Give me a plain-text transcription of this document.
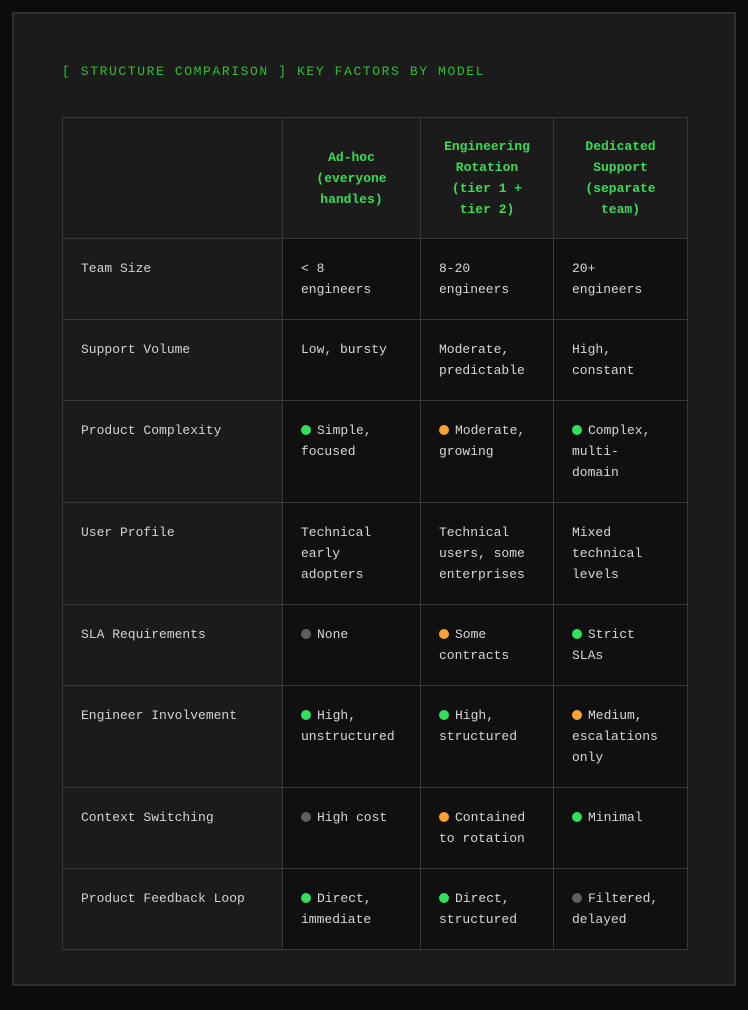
[ STRUCTURE COMPARISON ] KEY FACTORS BY MODEL
	Ad-hoc (everyone handles)	Engineering Rotation (tier 1 + tier 2)	Dedicated Support (separate team)
Team Size	< 8 engineers	8-20 engineers	20+ engineers
Support Volume	Low, bursty	Moderate, predictable	High, constant
Product Complexity	Simple, focused	Moderate, growing	Complex, multi-domain
User Profile	Technical early adopters	Technical users, some enterprises	Mixed technical levels
SLA Requirements	None	Some contracts	Strict SLAs
Engineer Involvement	High, unstructured	High, structured	Medium, escalations only
Context Switching	High cost	Contained to rotation	Minimal
Product Feedback Loop	Direct, immediate	Direct, structured	Filtered, delayed
